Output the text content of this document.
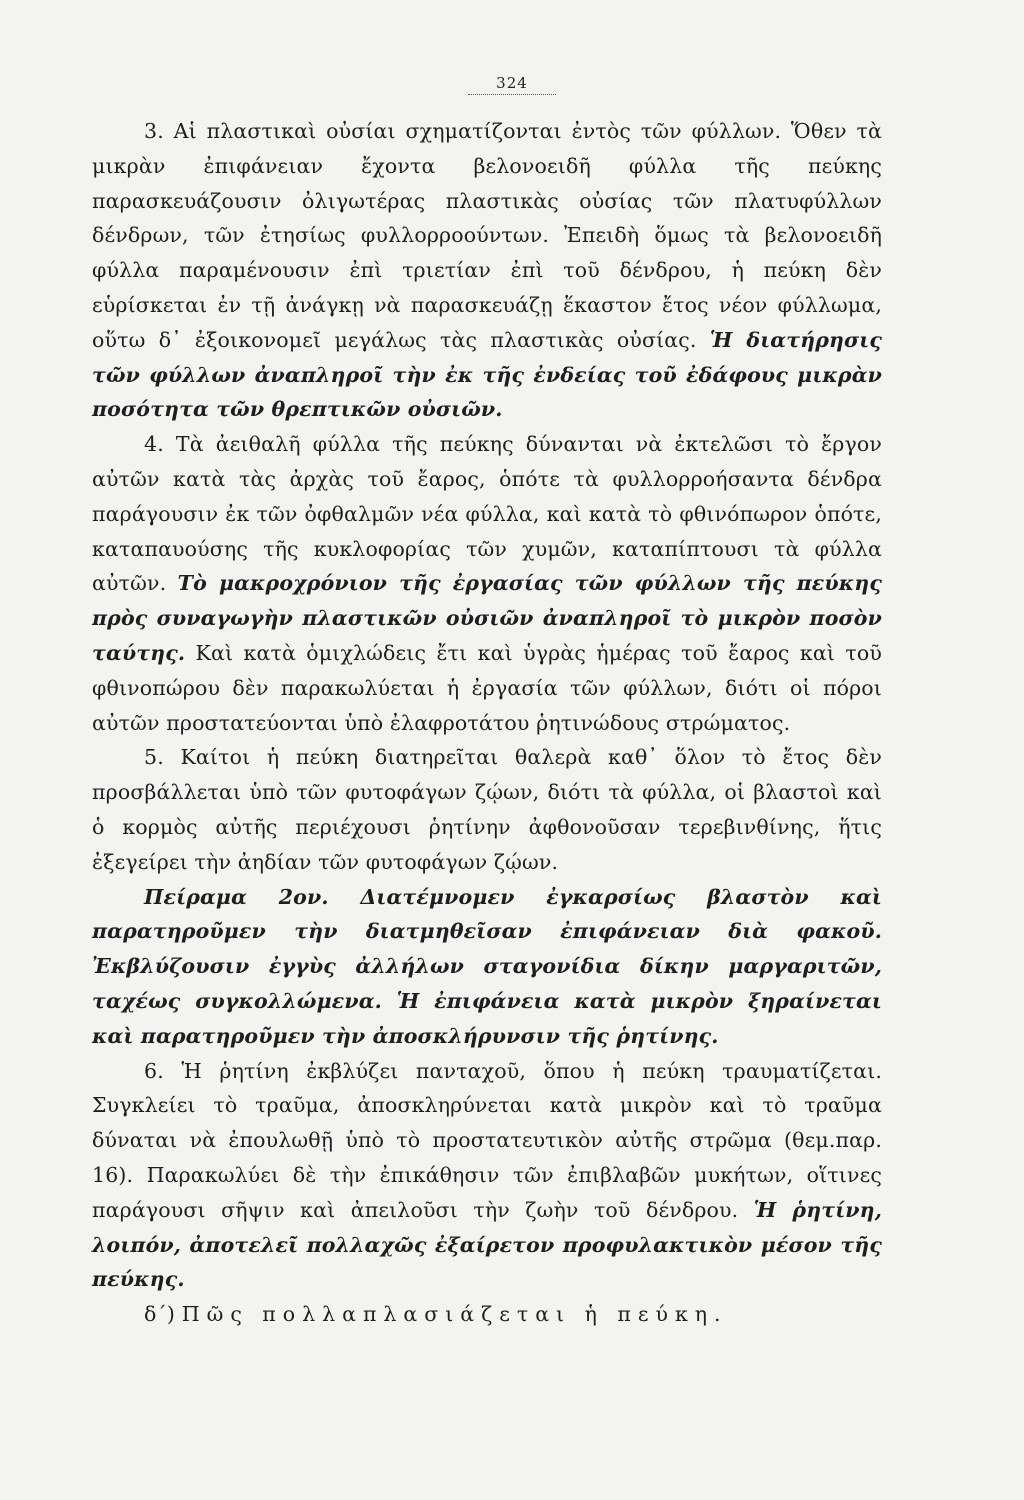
324

3. Αἱ πλαστικαὶ οὐσίαι σχηματίζονται ἐντὸς τῶν φύλλων. Ὅθεν τὰ μικρὰν ἐπιφάνειαν ἔχοντα βελονοειδῆ φύλλα τῆς πεύκης παρασκευάζουσιν ὀλιγωτέρας πλαστικὰς οὐσίας τῶν πλατυφύλλων δένδρων, τῶν ἐτησίως φυλλορροούντων. Ἐπειδὴ ὅμως τὰ βελονοειδῆ φύλλα παραμένουσιν ἐπὶ τριετίαν ἐπὶ τοῦ δένδρου, ἡ πεύκη δὲν εὑρίσκεται ἐν τῇ ἀνάγκῃ νὰ παρασκευάζῃ ἕκαστον ἔτος νέον φύλλωμα, οὕτω δ᾽ ἐξοικονομεῖ μεγάλως τὰς πλαστικὰς οὐσίας. Ἡ διατήρησις τῶν φύλλων ἀναπληροῖ τὴν ἐκ τῆς ἐνδείας τοῦ ἐδάφους μικρὰν ποσότητα τῶν θρεπτικῶν οὐσιῶν.

4. Τὰ ἀειθαλῆ φύλλα τῆς πεύκης δύνανται νὰ ἐκτελῶσι τὸ ἔργον αὐτῶν κατὰ τὰς ἀρχὰς τοῦ ἔαρος, ὁπότε τὰ φυλλορροήσαντα δένδρα παράγουσιν ἐκ τῶν ὀφθαλμῶν νέα φύλλα, καὶ κατὰ τὸ φθινόπωρον ὁπότε, καταπαυούσης τῆς κυκλοφορίας τῶν χυμῶν, καταπίπτουσι τὰ φύλλα αὐτῶν. Τὸ μακροχρόνιον τῆς ἐργασίας τῶν φύλλων τῆς πεύκης πρὸς συναγωγὴν πλαστικῶν οὐσιῶν ἀναπληροῖ τὸ μικρὸν ποσὸν ταύτης. Καὶ κατὰ ὁμιχλώδεις ἔτι καὶ ὑγρὰς ἡμέρας τοῦ ἔαρος καὶ τοῦ φθινοπώρου δὲν παρακωλύεται ἡ ἐργασία τῶν φύλλων, διότι οἱ πόροι αὐτῶν προστατεύονται ὑπὸ ἐλαφροτάτου ῥητινώδους στρώματος.

5. Καίτοι ἡ πεύκη διατηρεῖται θαλερὰ καθ᾽ ὅλον τὸ ἔτος δὲν προσβάλλεται ὑπὸ τῶν φυτοφάγων ζῴων, διότι τὰ φύλλα, οἱ βλαστοὶ καὶ ὁ κορμὸς αὐτῆς περιέχουσι ῥητίνην ἀφθονοῦσαν τερεβινθίνης, ἥτις ἐξεγείρει τὴν ἀηδίαν τῶν φυτοφάγων ζῴων.

Πείραμα 2ον. Διατέμνομεν ἐγκαρσίως βλαστὸν καὶ παρατηροῦμεν τὴν διατμηθεῖσαν ἐπιφάνειαν διὰ φακοῦ. Ἐκβλύζουσιν ἐγγὺς ἀλλήλων σταγονίδια δίκην μαργαριτῶν, ταχέως συγκολλώμενα. Ἡ ἐπιφάνεια κατὰ μικρὸν ξηραίνεται καὶ παρατηροῦμεν τὴν ἀποσκλήρυνσιν τῆς ῥητίνης.

6. Ἡ ῥητίνη ἐκβλύζει πανταχοῦ, ὅπου ἡ πεύκη τραυματίζεται. Συγκλείει τὸ τραῦμα, ἀποσκληρύνεται κατὰ μικρὸν καὶ τὸ τραῦμα δύναται νὰ ἐπουλωθῇ ὑπὸ τὸ προστατευτικὸν αὐτῆς στρῶμα (θεμ.παρ. 16). Παρακωλύει δὲ τὴν ἐπικάθησιν τῶν ἐπιβλαβῶν μυκήτων, οἵτινες παράγουσι σῆψιν καὶ ἀπειλοῦσι τὴν ζωὴν τοῦ δένδρου. Ἡ ῥητίνη, λοιπόν, ἀποτελεῖ πολλαχῶς ἐξαίρετον προφυλακτικὸν μέσον τῆς πεύκης.

δ΄) Πῶς πολλαπλασιάζεται ἡ πεύκη.
